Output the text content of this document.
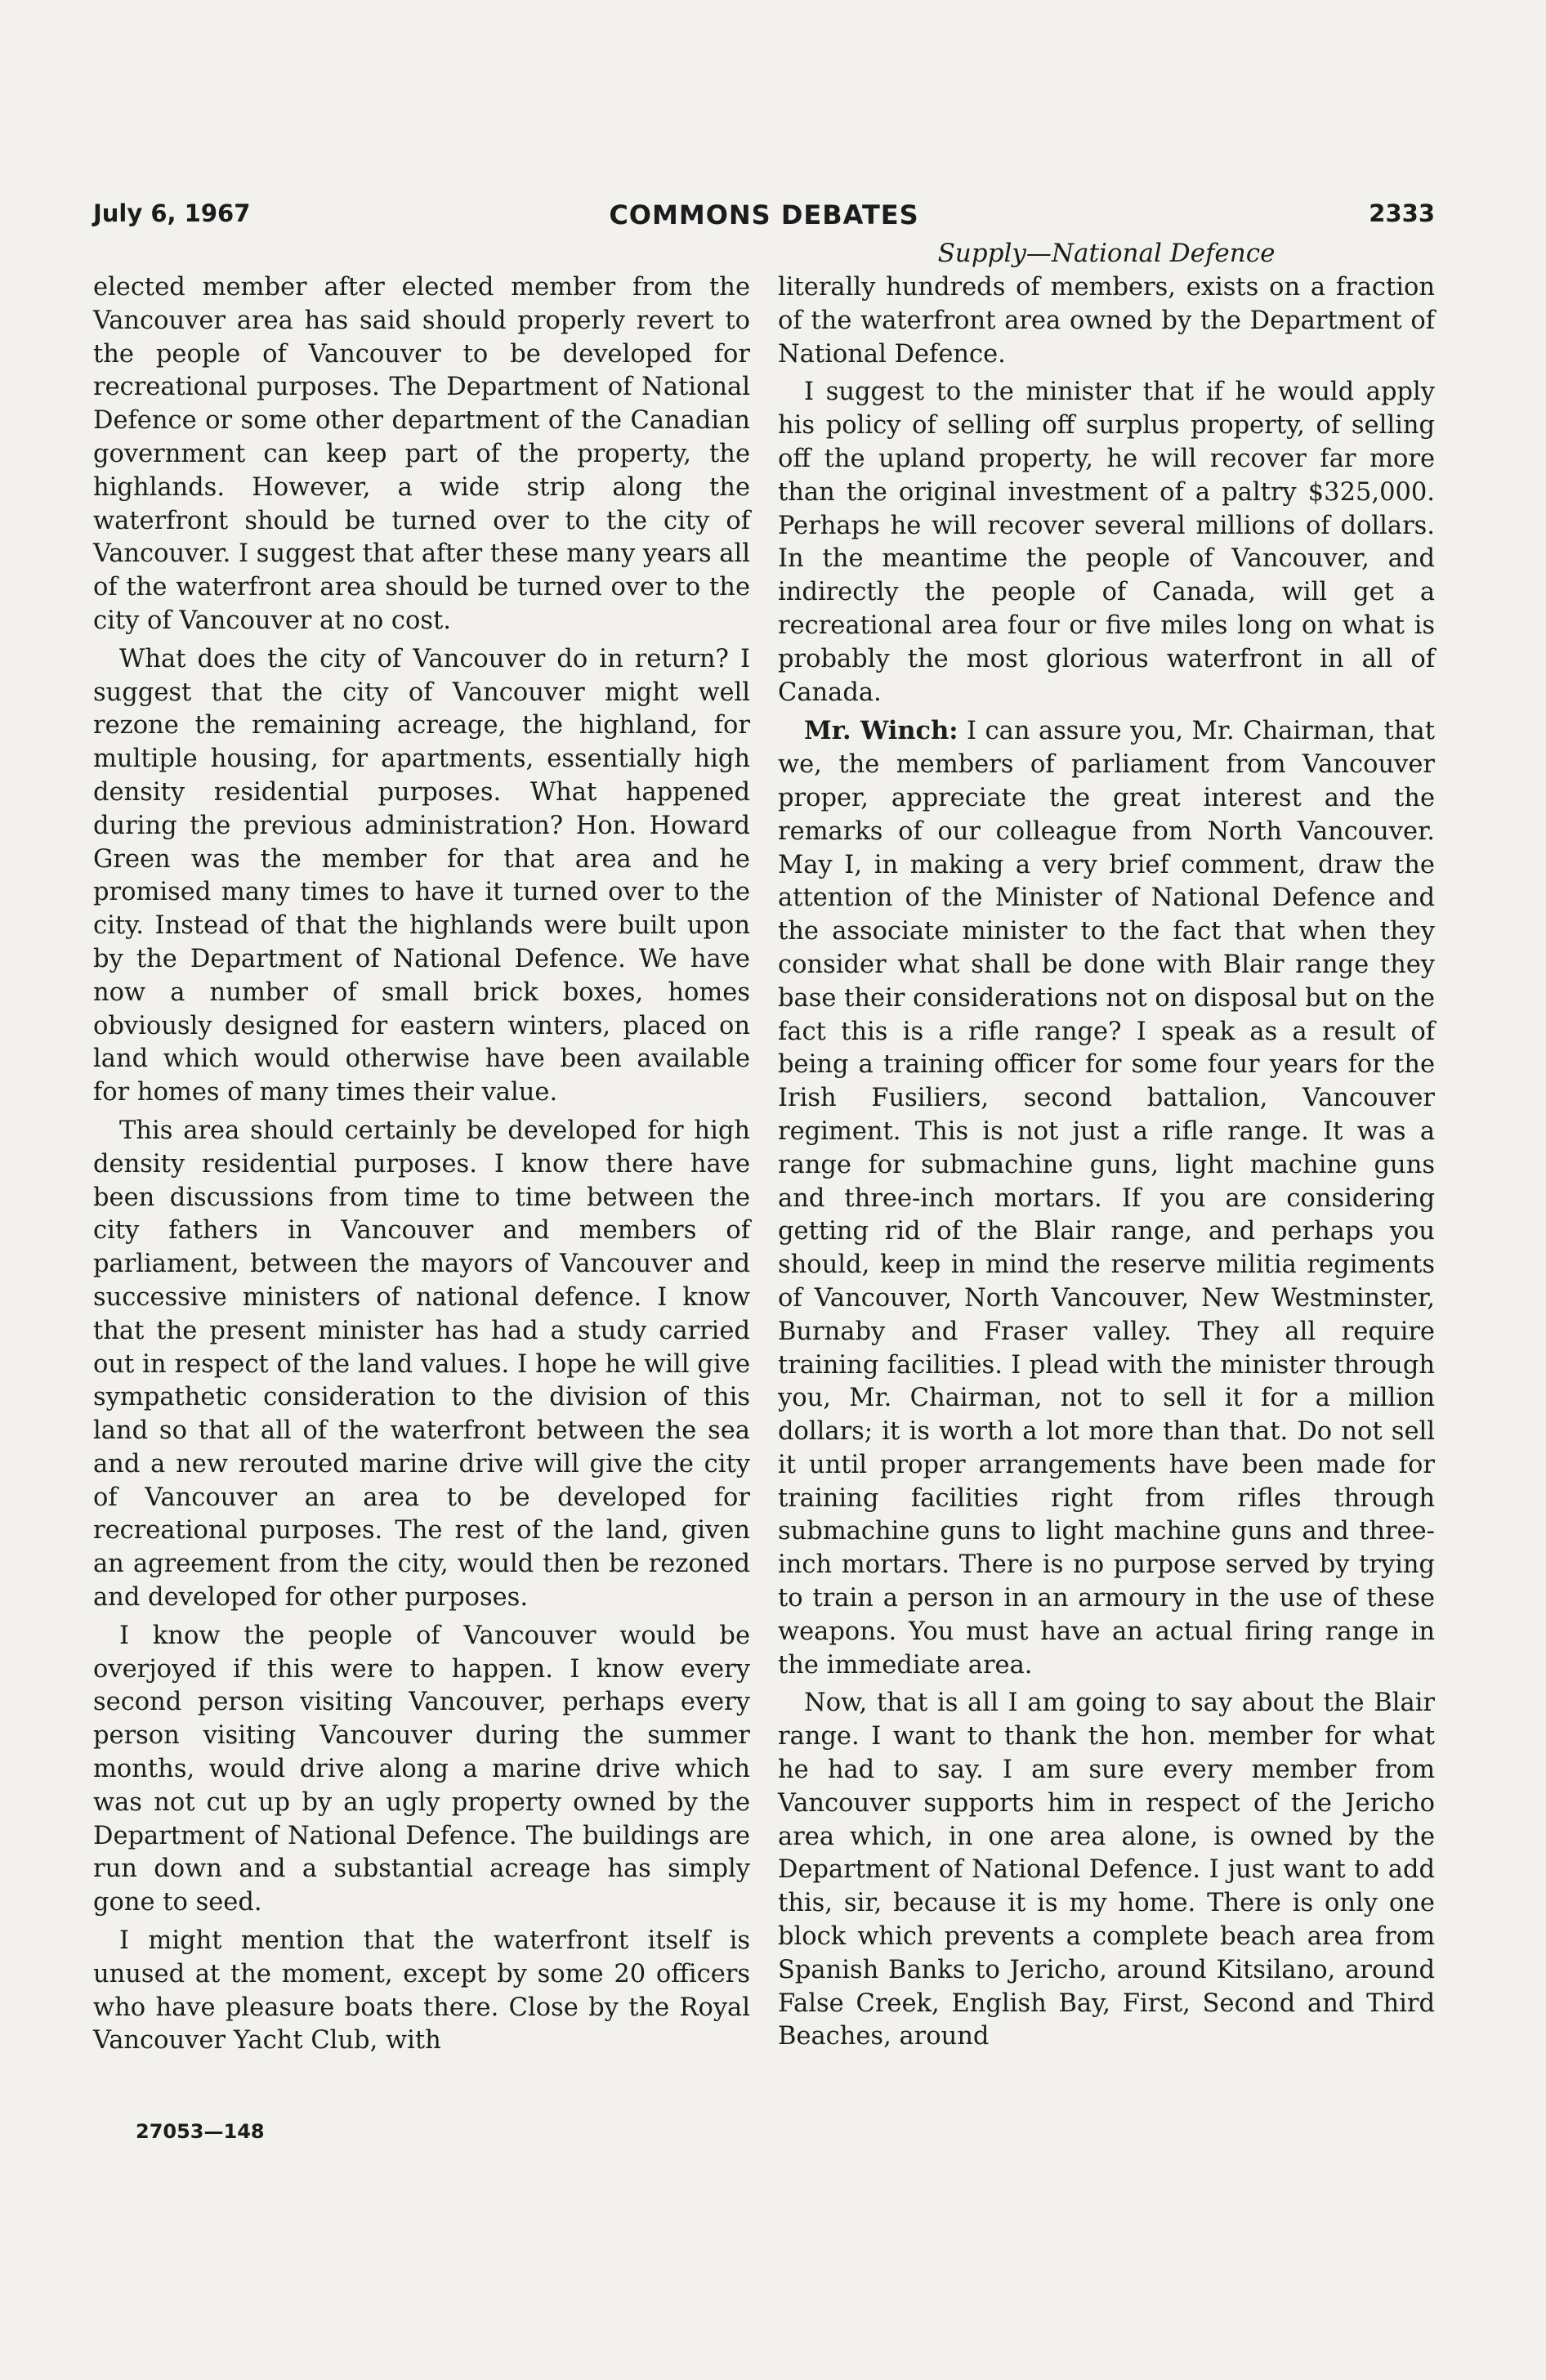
July 6, 1967	COMMONS DEBATES	2333
Supply—National Defence

elected member after elected member from the Vancouver area has said should properly revert to the people of Vancouver to be developed for recreational purposes. The Department of National Defence or some other department of the Canadian government can keep part of the property, the highlands. However, a wide strip along the waterfront should be turned over to the city of Vancouver. I suggest that after these many years all of the waterfront area should be turned over to the city of Vancouver at no cost.

What does the city of Vancouver do in return? I suggest that the city of Vancouver might well rezone the remaining acreage, the highland, for multiple housing, for apartments, essentially high density residential purposes. What happened during the previous administration? Hon. Howard Green was the member for that area and he promised many times to have it turned over to the city. Instead of that the highlands were built upon by the Department of National Defence. We have now a number of small brick boxes, homes obviously designed for eastern winters, placed on land which would otherwise have been available for homes of many times their value.

This area should certainly be developed for high density residential purposes. I know there have been discussions from time to time between the city fathers in Vancouver and members of parliament, between the mayors of Vancouver and successive ministers of national defence. I know that the present minister has had a study carried out in respect of the land values. I hope he will give sympathetic consideration to the division of this land so that all of the waterfront between the sea and a new rerouted marine drive will give the city of Vancouver an area to be developed for recreational purposes. The rest of the land, given an agreement from the city, would then be rezoned and developed for other purposes.

I know the people of Vancouver would be overjoyed if this were to happen. I know every second person visiting Vancouver, perhaps every person visiting Vancouver during the summer months, would drive along a marine drive which was not cut up by an ugly property owned by the Department of National Defence. The buildings are run down and a substantial acreage has simply gone to seed.

I might mention that the waterfront itself is unused at the moment, except by some 20 officers who have pleasure boats there. Close by the Royal Vancouver Yacht Club, with

literally hundreds of members, exists on a fraction of the waterfront area owned by the Department of National Defence.

I suggest to the minister that if he would apply his policy of selling off surplus property, of selling off the upland property, he will recover far more than the original investment of a paltry $325,000. Perhaps he will recover several millions of dollars. In the meantime the people of Vancouver, and indirectly the people of Canada, will get a recreational area four or five miles long on what is probably the most glorious waterfront in all of Canada.

Mr. Winch: I can assure you, Mr. Chairman, that we, the members of parliament from Vancouver proper, appreciate the great interest and the remarks of our colleague from North Vancouver. May I, in making a very brief comment, draw the attention of the Minister of National Defence and the associate minister to the fact that when they consider what shall be done with Blair range they base their considerations not on disposal but on the fact this is a rifle range? I speak as a result of being a training officer for some four years for the Irish Fusiliers, second battalion, Vancouver regiment. This is not just a rifle range. It was a range for submachine guns, light machine guns and three-inch mortars. If you are considering getting rid of the Blair range, and perhaps you should, keep in mind the reserve militia regiments of Vancouver, North Vancouver, New Westminster, Burnaby and Fraser valley. They all require training facilities. I plead with the minister through you, Mr. Chairman, not to sell it for a million dollars; it is worth a lot more than that. Do not sell it until proper arrangements have been made for training facilities right from rifles through submachine guns to light machine guns and three-inch mortars. There is no purpose served by trying to train a person in an armoury in the use of these weapons. You must have an actual firing range in the immediate area.

Now, that is all I am going to say about the Blair range. I want to thank the hon. member for what he had to say. I am sure every member from Vancouver supports him in respect of the Jericho area which, in one area alone, is owned by the Department of National Defence. I just want to add this, sir, because it is my home. There is only one block which prevents a complete beach area from Spanish Banks to Jericho, around Kitsilano, around False Creek, English Bay, First, Second and Third Beaches, around

27053—148
